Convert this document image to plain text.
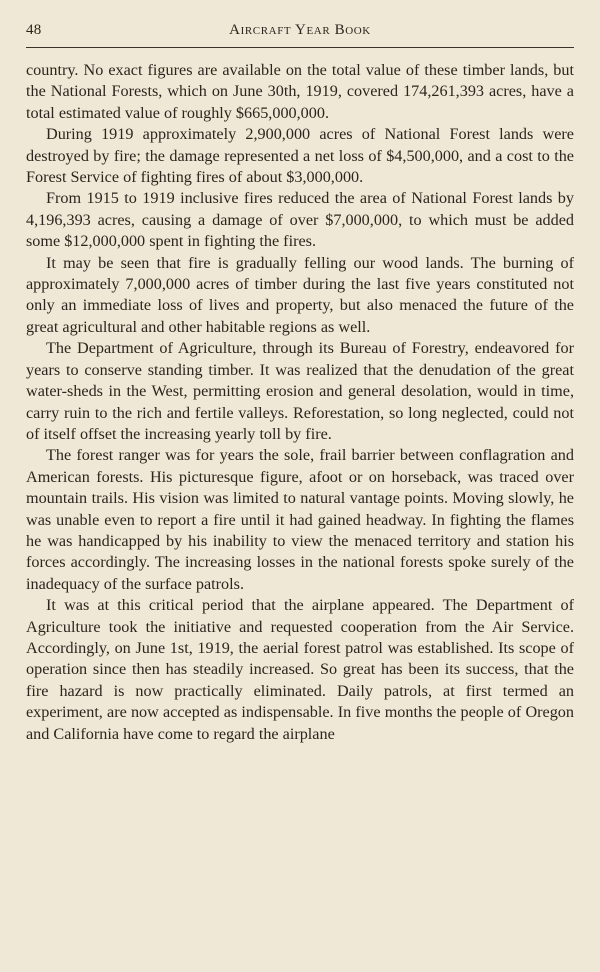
48	Aircraft Year Book

country. No exact figures are available on the total value of these timber lands, but the National Forests, which on June 30th, 1919, covered 174,261,393 acres, have a total estimated value of roughly $665,000,000.

During 1919 approximately 2,900,000 acres of National Forest lands were destroyed by fire; the damage represented a net loss of $4,500,000, and a cost to the Forest Service of fighting fires of about $3,000,000.

From 1915 to 1919 inclusive fires reduced the area of National Forest lands by 4,196,393 acres, causing a damage of over $7,000,000, to which must be added some $12,000,000 spent in fighting the fires.

It may be seen that fire is gradually felling our wood lands. The burning of approximately 7,000,000 acres of timber during the last five years constituted not only an immediate loss of lives and property, but also menaced the future of the great agricultural and other habitable regions as well.

The Department of Agriculture, through its Bureau of Forestry, endeavored for years to conserve standing timber. It was realized that the denudation of the great water-sheds in the West, permitting erosion and general desolation, would in time, carry ruin to the rich and fertile valleys. Reforestation, so long neglected, could not of itself offset the increasing yearly toll by fire.

The forest ranger was for years the sole, frail barrier between conflagration and American forests. His picturesque figure, afoot or on horseback, was traced over mountain trails. His vision was limited to natural vantage points. Moving slowly, he was unable even to report a fire until it had gained headway. In fighting the flames he was handicapped by his inability to view the menaced territory and station his forces accordingly. The increasing losses in the national forests spoke surely of the inadequacy of the surface patrols.

It was at this critical period that the airplane appeared. The Department of Agriculture took the initiative and requested cooperation from the Air Service. Accordingly, on June 1st, 1919, the aerial forest patrol was established. Its scope of operation since then has steadily increased. So great has been its success, that the fire hazard is now practically eliminated. Daily patrols, at first termed an experiment, are now accepted as indispensable. In five months the people of Oregon and California have come to regard the airplane
